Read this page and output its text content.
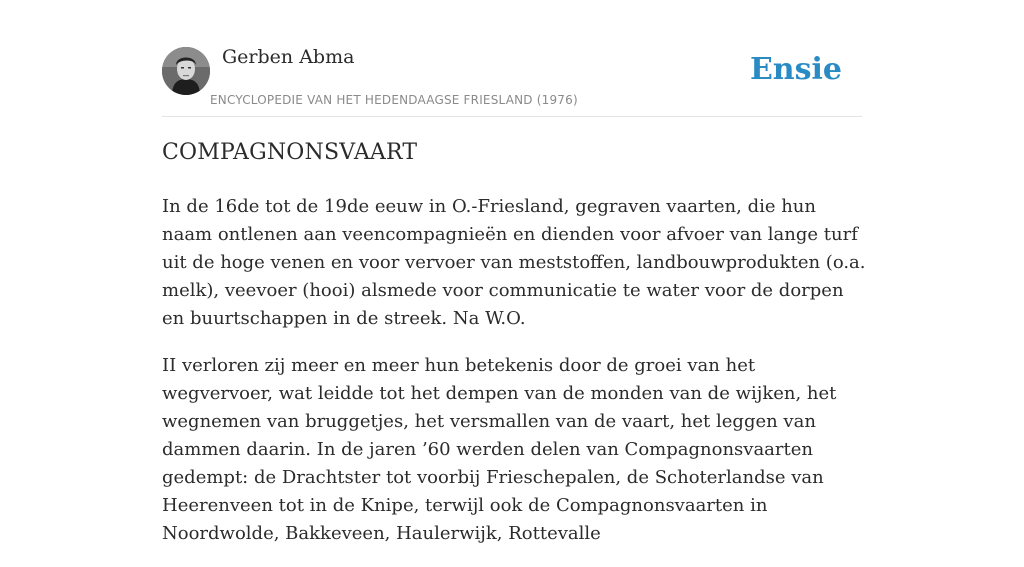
Gerben Abma
ENCYCLOPEDIE VAN HET HEDENDAAGSE FRIESLAND (1976)
Ensie
COMPAGNONSVAART

In de 16de tot de 19de eeuw in O.-Friesland, gegraven vaarten, die hun naam ontlenen aan veencompagnieën en dienden voor afvoer van lange turf uit de hoge venen en voor vervoer van meststoffen, landbouwprodukten (o.a. melk), veevoer (hooi) alsmede voor communicatie te water voor de dorpen en buurtschappen in de streek. Na W.O.

II verloren zij meer en meer hun betekenis door de groei van het wegvervoer, wat leidde tot het dempen van de monden van de wijken, het wegnemen van bruggetjes, het versmallen van de vaart, het leggen van dammen daarin. In de jaren ’60 werden delen van Compagnonsvaarten gedempt: de Drachtster tot voorbij Frieschepalen, de Schoterlandse van Heerenveen tot in de Knipe, terwijl ook de Compagnonsvaarten in Noordwolde, Bakkeveen, Haulerwijk, Rottevalle
